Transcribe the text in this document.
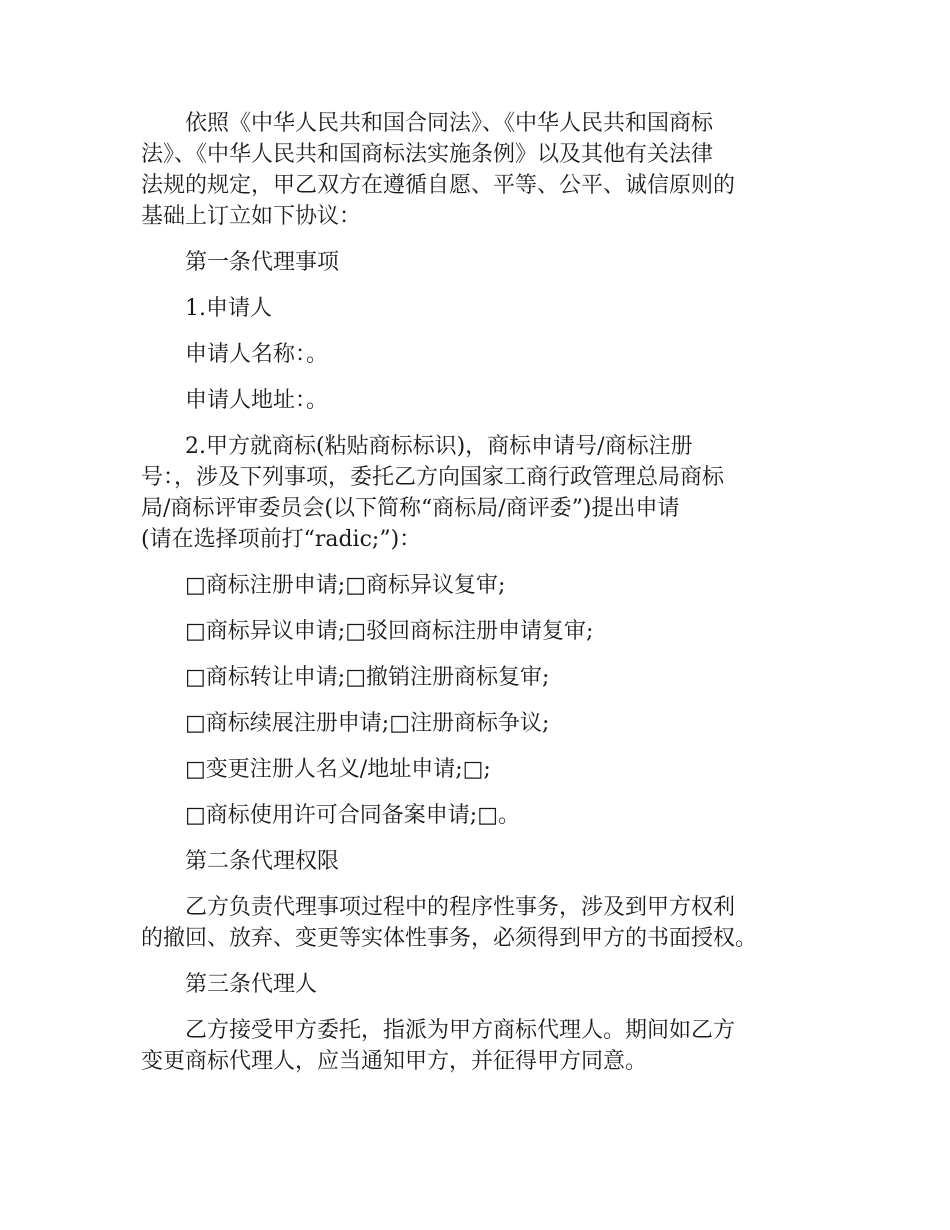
依照《中华人民共和国合同法》、《中华人民共和国商标
法》、《中华人民共和国商标法实施条例》以及其他有关法律
法规的规定，甲乙双方在遵循自愿、平等、公平、诚信原则的
基础上订立如下协议：

第一条代理事项

1.申请人

申请人名称：。

申请人地址：。

2.甲方就商标(粘贴商标标识)，商标申请号/商标注册
号：，涉及下列事项，委托乙方向国家工商行政管理总局商标
局/商标评审委员会(以下简称“商标局/商评委”)提出申请
(请在选择项前打“radic;”)：

□商标注册申请;□商标异议复审;

□商标异议申请;□驳回商标注册申请复审;

□商标转让申请;□撤销注册商标复审;

□商标续展注册申请;□注册商标争议;

□变更注册人名义/地址申请;□;

□商标使用许可合同备案申请;□。

第二条代理权限

乙方负责代理事项过程中的程序性事务，涉及到甲方权利
的撤回、放弃、变更等实体性事务，必须得到甲方的书面授权。

第三条代理人

乙方接受甲方委托，指派为甲方商标代理人。期间如乙方
变更商标代理人，应当通知甲方，并征得甲方同意。
